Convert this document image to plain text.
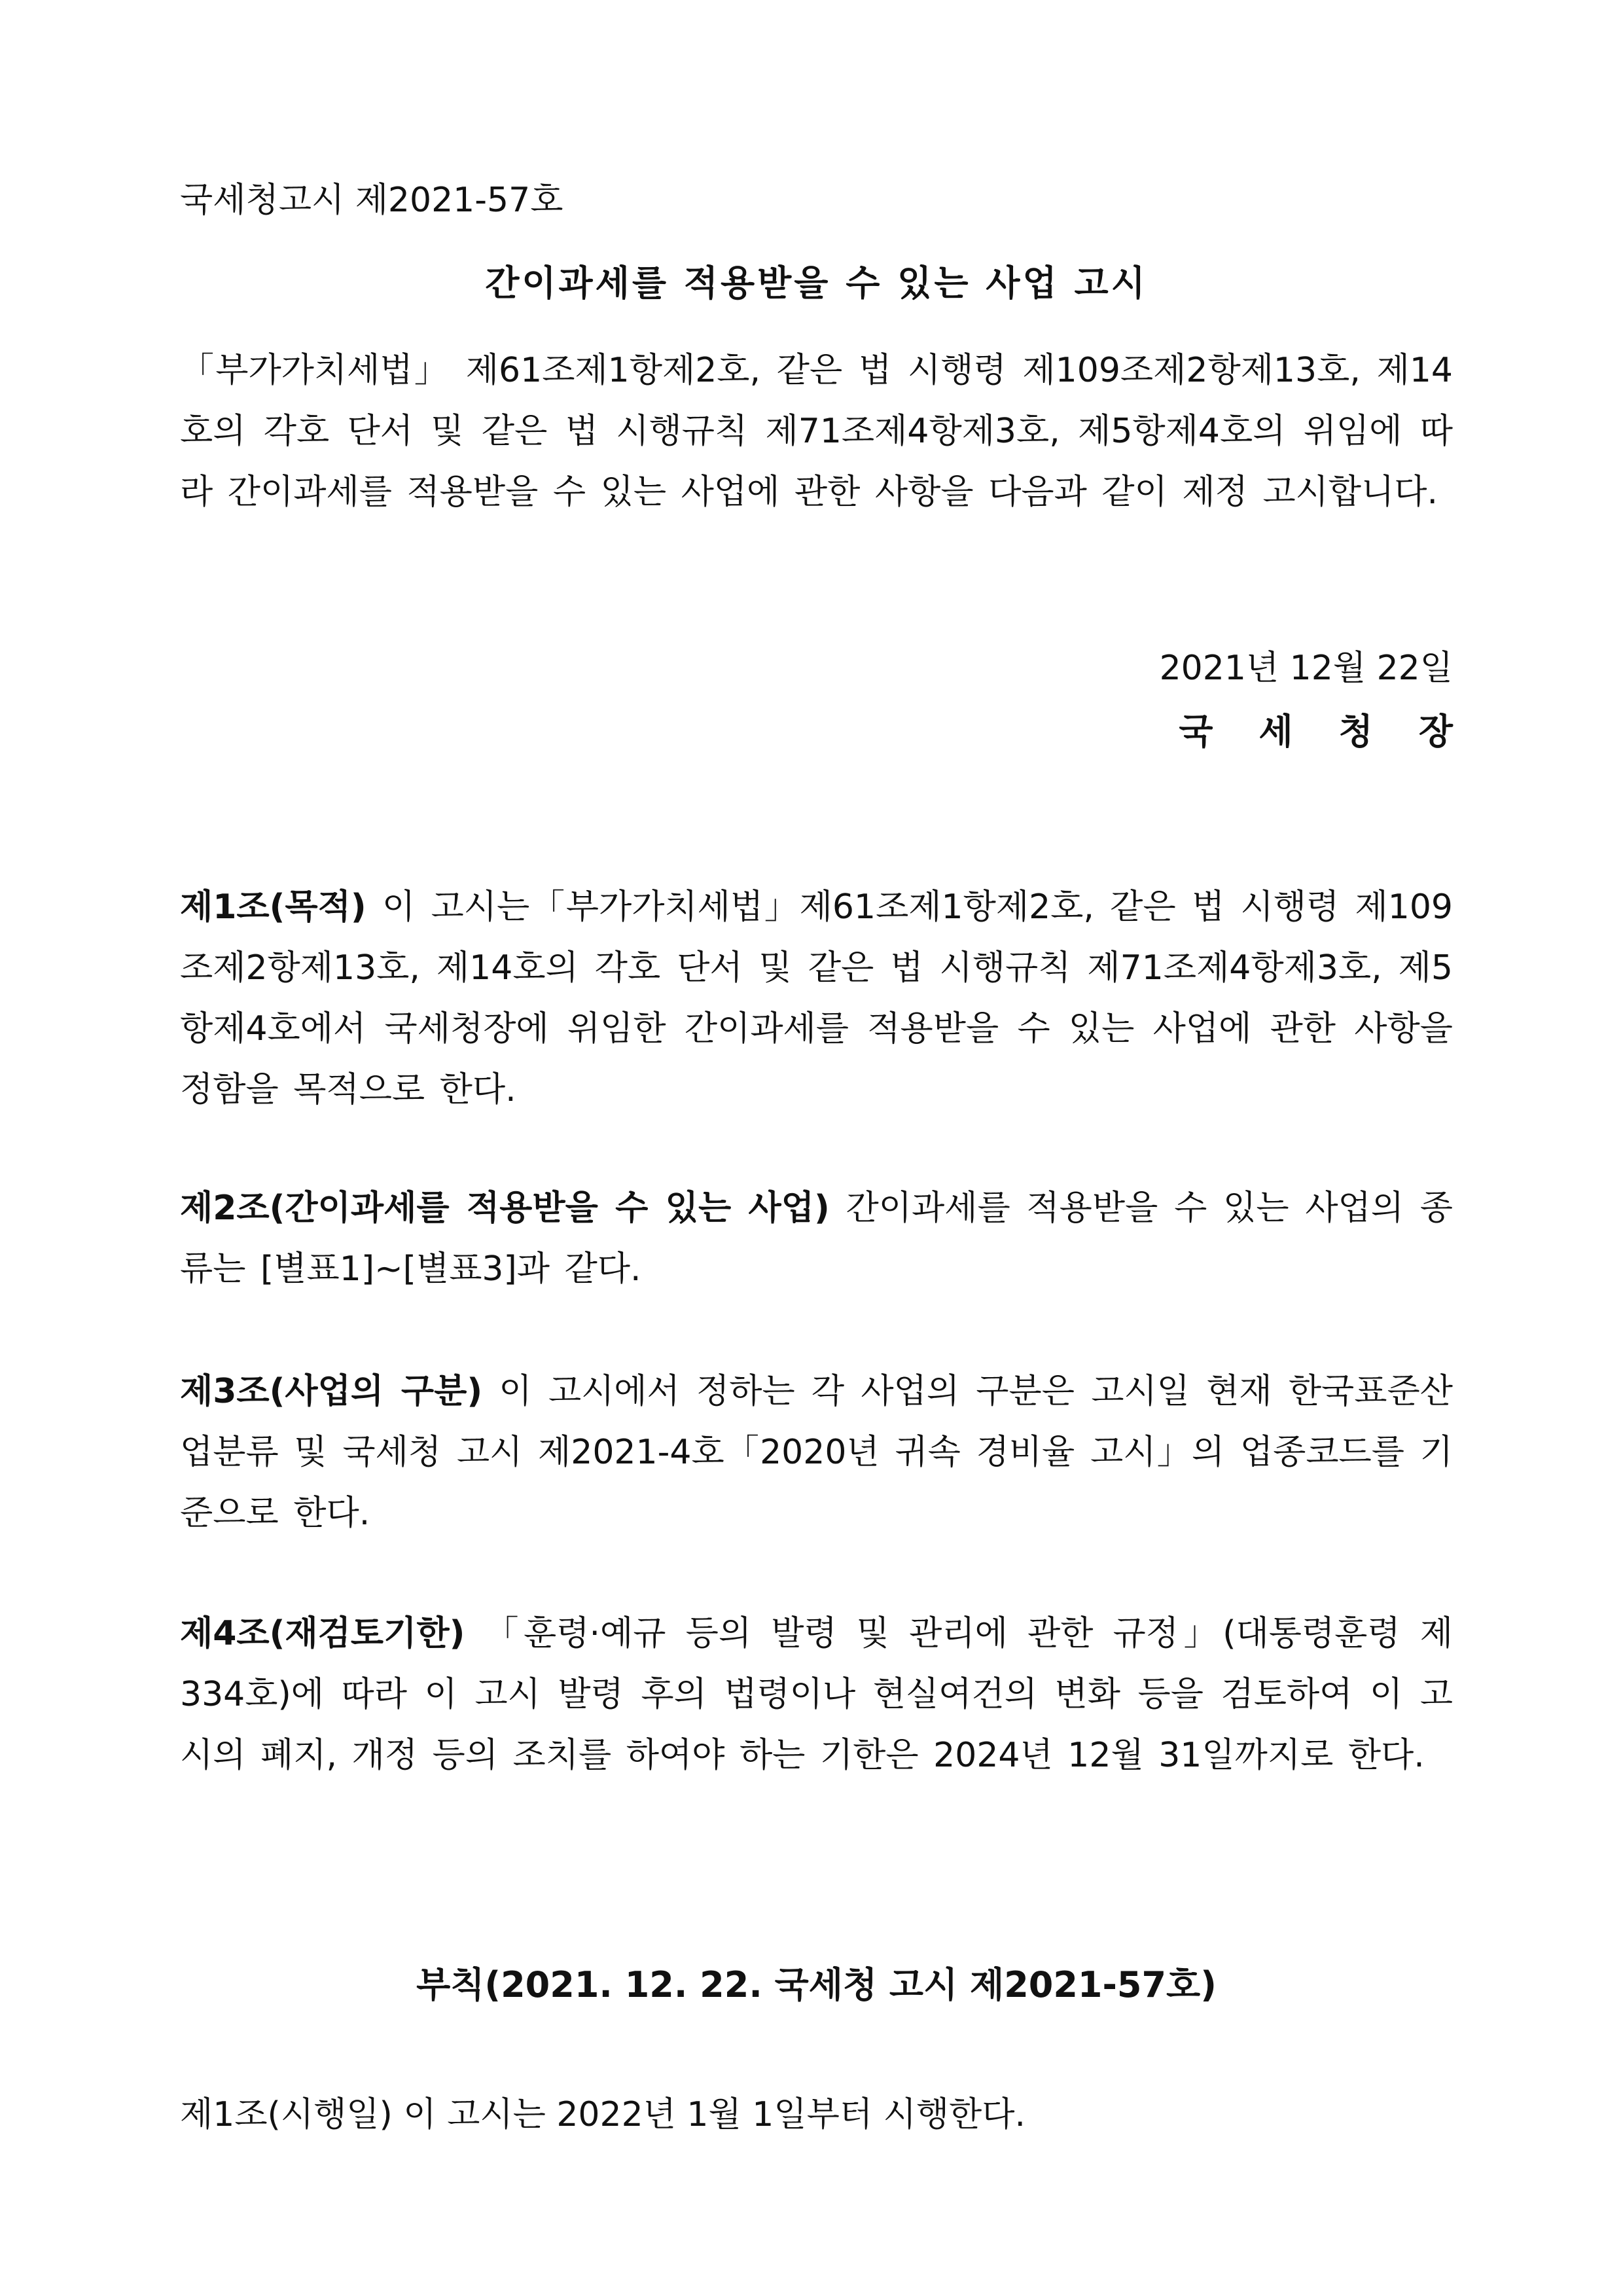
국세청고시 제2021-57호
간이과세를 적용받을 수 있는 사업 고시
「부가가치세법」 제61조제1항제2호, 같은 법 시행령 제109조제2항제13호, 제14호의 각호 단서 및 같은 법 시행규칙 제71조제4항제3호, 제5항제4호의 위임에 따라 간이과세를 적용받을 수 있는 사업에 관한 사항을 다음과 같이 제정 고시합니다.
2021년 12월 22일
국세청장
제1조(목적) 이 고시는「부가가치세법」제61조제1항제2호, 같은 법 시행령 제109조제2항제13호, 제14호의 각호 단서 및 같은 법 시행규칙 제71조제4항제3호, 제5항제4호에서 국세청장에 위임한 간이과세를 적용받을 수 있는 사업에 관한 사항을 정함을 목적으로 한다.
제2조(간이과세를 적용받을 수 있는 사업) 간이과세를 적용받을 수 있는 사업의 종류는 [별표1]∼[별표3]과 같다.
제3조(사업의 구분) 이 고시에서 정하는 각 사업의 구분은 고시일 현재 한국표준산업분류 및 국세청 고시 제2021-4호「2020년 귀속 경비율 고시」의 업종코드를 기준으로 한다.
제4조(재검토기한) 「훈령·예규 등의 발령 및 관리에 관한 규정」(대통령훈령 제334호)에 따라 이 고시 발령 후의 법령이나 현실여건의 변화 등을 검토하여 이 고시의 폐지, 개정 등의 조치를 하여야 하는 기한은 2024년 12월 31일까지로 한다.
부칙(2021. 12. 22. 국세청 고시 제2021-57호)
제1조(시행일) 이 고시는 2022년 1월 1일부터 시행한다.
